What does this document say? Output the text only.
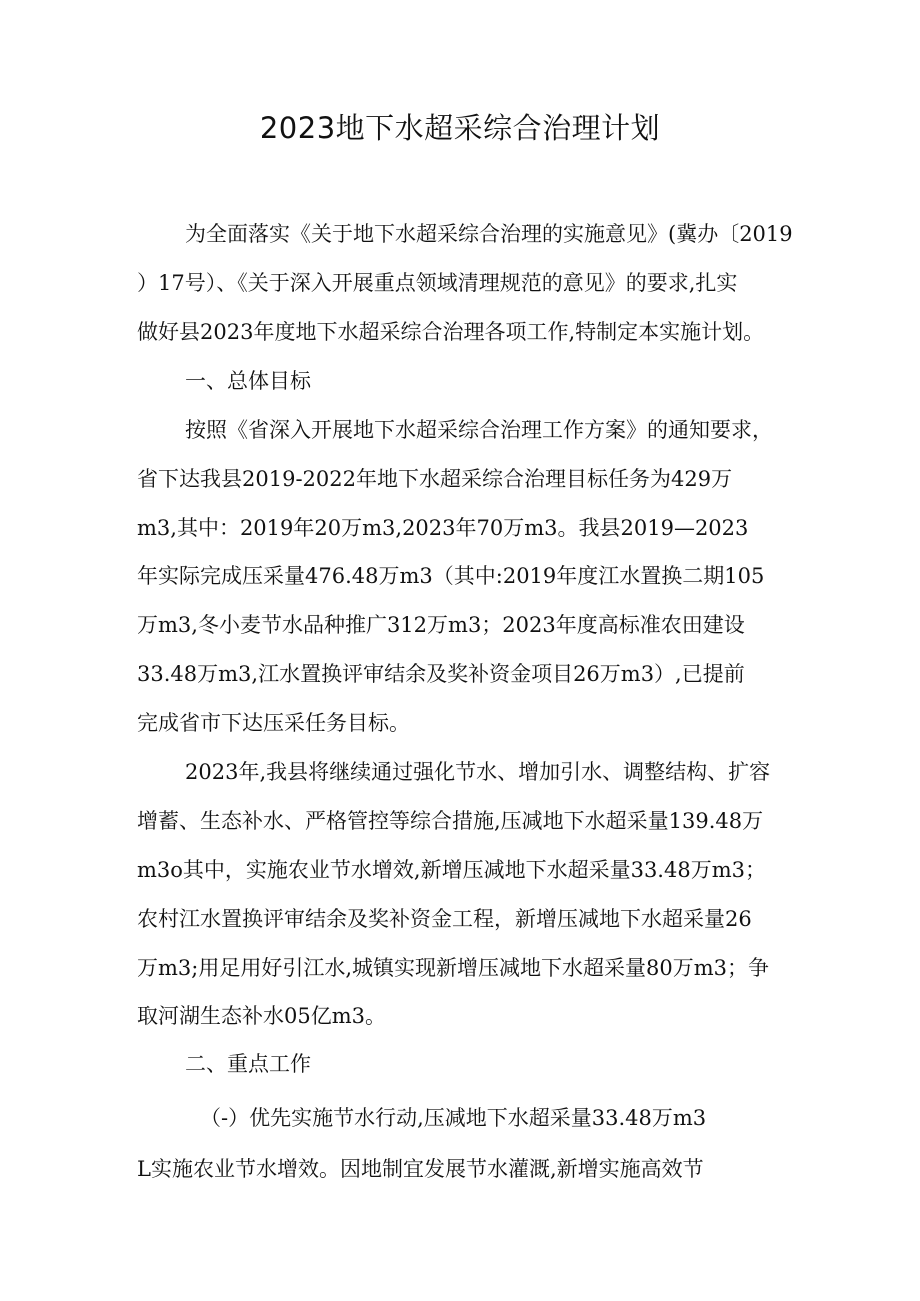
2023地下水超采综合治理计划

为全面落实《关于地下水超采综合治理的实施意见》(冀办〔2019

）17号）、《关于深入开展重点领域清理规范的意见》的要求,扎实

做好县2023年度地下水超采综合治理各项工作,特制定本实施计划。

一、总体目标

按照《省深入开展地下水超采综合治理工作方案》的通知要求，

省下达我县2019-2022年地下水超采综合治理目标任务为429万

m3,其中：2019年20万m3,2023年70万m3。我县2019—2023

年实际完成压采量476.48万m3（其中:2019年度江水置换二期105

万m3,冬小麦节水品种推广312万m3；2023年度高标准农田建设

33.48万m3,江水置换评审结余及奖补资金项目26万m3）,已提前

完成省市下达压采任务目标。

2023年,我县将继续通过强化节水、增加引水、调整结构、扩容

增蓄、生态补水、严格管控等综合措施,压减地下水超采量139.48万

m3o其中，实施农业节水增效,新增压减地下水超采量33.48万m3；

农村江水置换评审结余及奖补资金工程，新增压减地下水超采量26

万m3;用足用好引江水,城镇实现新增压减地下水超采量80万m3；争

取河湖生态补水05亿m3。

二、重点工作

（-）优先实施节水行动,压减地下水超采量33.48万m3

L实施农业节水增效。因地制宜发展节水灌溉,新增实施高效节
